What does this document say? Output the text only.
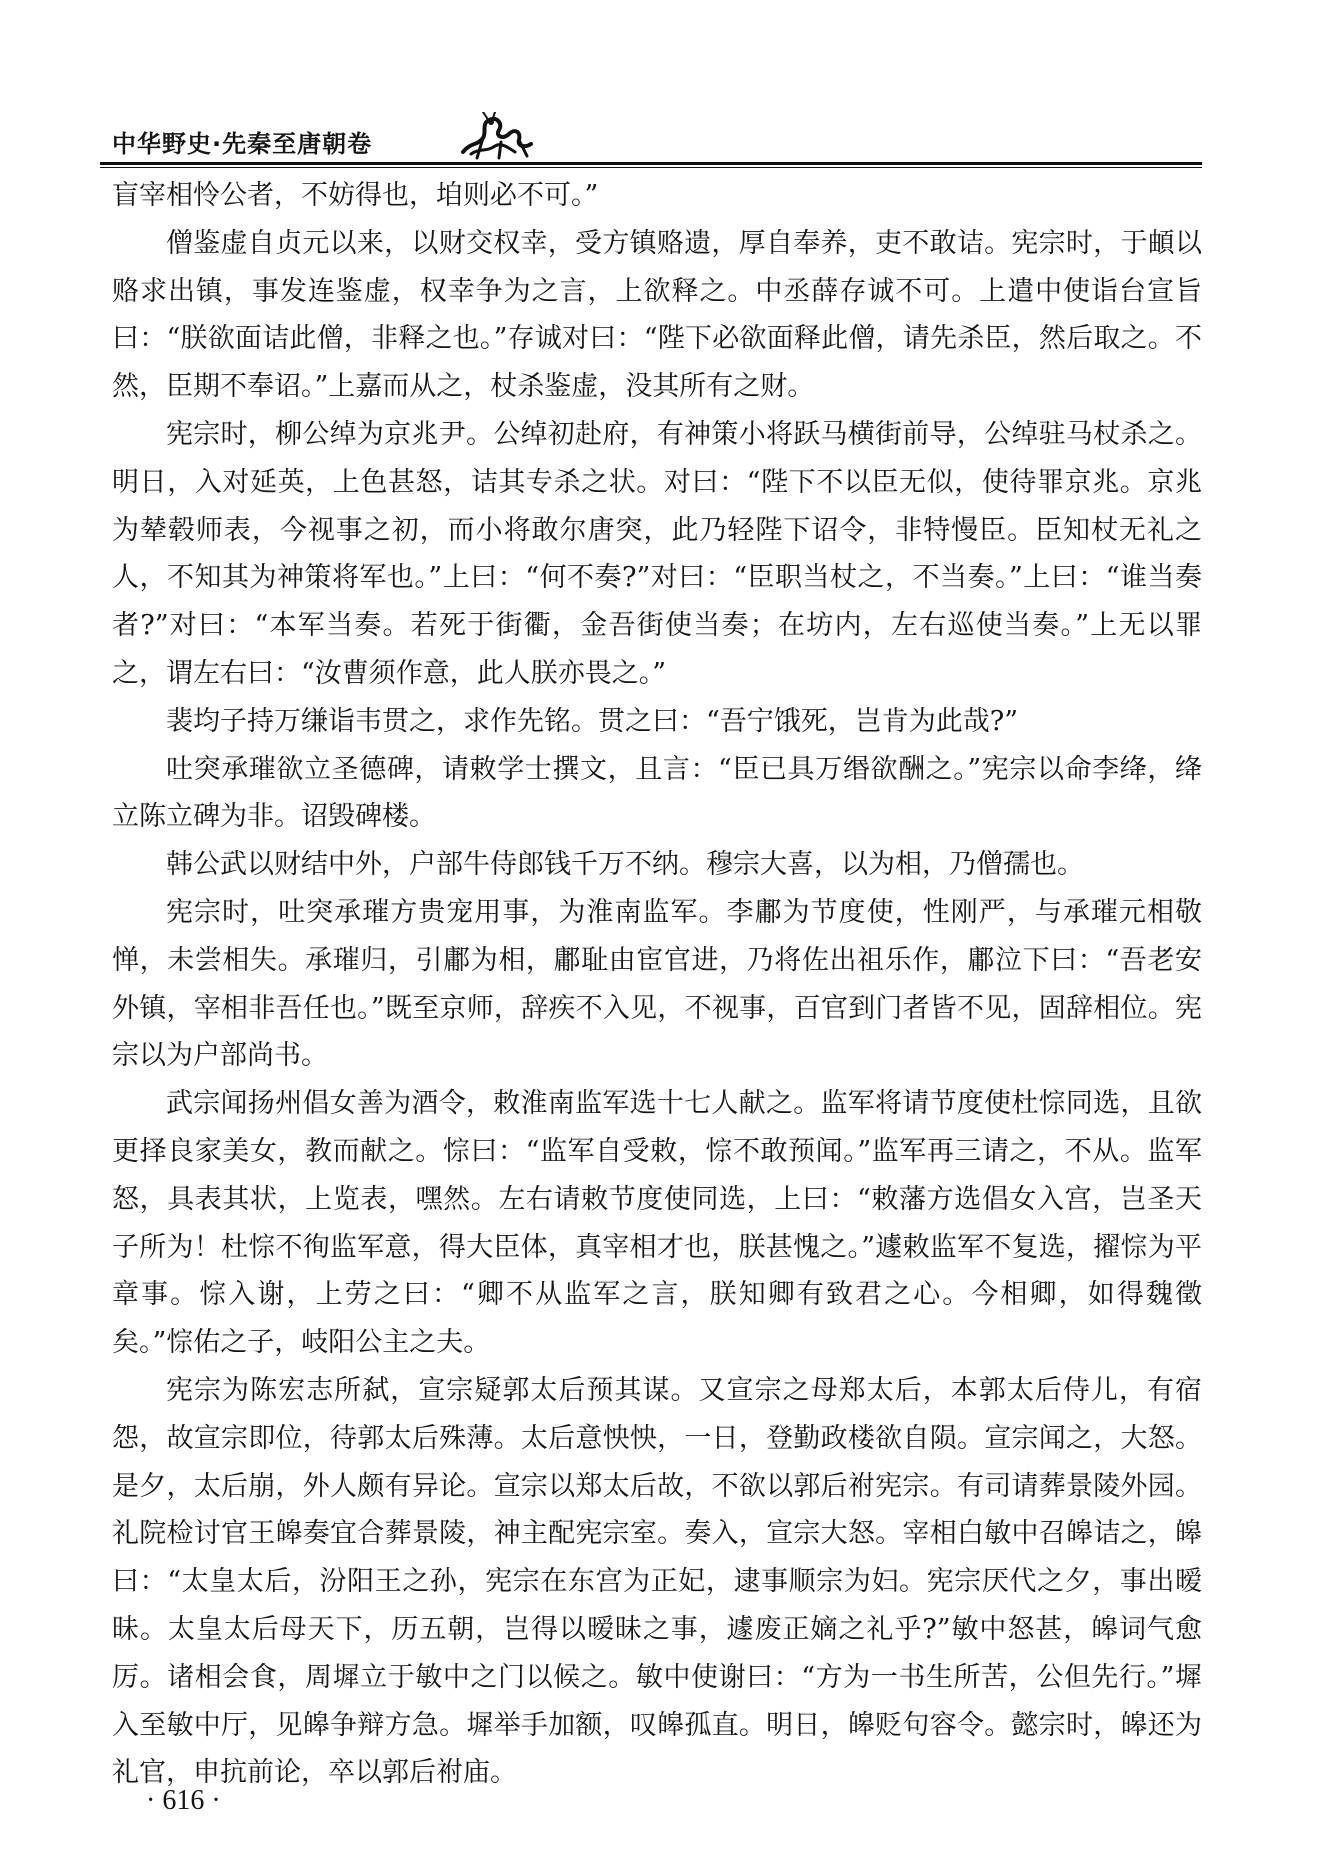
中华野史·先秦至唐朝卷

盲宰相怜公者，不妨得也，垍则必不可。”

僧鉴虚自贞元以来，以财交权幸，受方镇赂遗，厚自奉养，吏不敢诘。宪宗时，于頔以赂求出镇，事发连鉴虚，权幸争为之言，上欲释之。中丞薛存诚不可。上遣中使诣台宣旨曰：“朕欲面诘此僧，非释之也。”存诚对曰：“陛下必欲面释此僧，请先杀臣，然后取之。不然，臣期不奉诏。”上嘉而从之，杖杀鉴虚，没其所有之财。

宪宗时，柳公绰为京兆尹。公绰初赴府，有神策小将跃马横街前导，公绰驻马杖杀之。明日，入对延英，上色甚怒，诘其专杀之状。对曰：“陛下不以臣无似，使待罪京兆。京兆为辇毂师表，今视事之初，而小将敢尔唐突，此乃轻陛下诏令，非特慢臣。臣知杖无礼之人，不知其为神策将军也。”上曰：“何不奏?”对曰：“臣职当杖之，不当奏。”上曰：“谁当奏者?”对曰：“本军当奏。若死于街衢，金吾街使当奏；在坊内，左右巡使当奏。”上无以罪之，谓左右曰：“汝曹须作意，此人朕亦畏之。”

裴均子持万缣诣韦贯之，求作先铭。贯之曰：“吾宁饿死，岂肯为此哉?”

吐突承璀欲立圣德碑，请敕学士撰文，且言：“臣已具万缗欲酬之。”宪宗以命李绛，绛立陈立碑为非。诏毁碑楼。

韩公武以财结中外，户部牛侍郎钱千万不纳。穆宗大喜，以为相，乃僧孺也。

宪宗时，吐突承璀方贵宠用事，为淮南监军。李鄘为节度使，性刚严，与承璀元相敬惮，未尝相失。承璀归，引鄘为相，鄘耻由宦官进，乃将佐出祖乐作，鄘泣下曰：“吾老安外镇，宰相非吾任也。”既至京师，辞疾不入见，不视事，百官到门者皆不见，固辞相位。宪宗以为户部尚书。

武宗闻扬州倡女善为酒令，敕淮南监军选十七人献之。监军将请节度使杜悰同选，且欲更择良家美女，教而献之。悰曰：“监军自受敕，悰不敢预闻。”监军再三请之，不从。监军怒，具表其状，上览表，嘿然。左右请敕节度使同选，上曰：“敕藩方选倡女入宫，岂圣天子所为！杜悰不徇监军意，得大臣体，真宰相才也，朕甚愧之。”遽敕监军不复选，擢悰为平章事。悰入谢，上劳之曰：“卿不从监军之言，朕知卿有致君之心。今相卿，如得魏徵矣。”悰佑之子，岐阳公主之夫。

宪宗为陈宏志所弑，宣宗疑郭太后预其谋。又宣宗之母郑太后，本郭太后侍儿，有宿怨，故宣宗即位，待郭太后殊薄。太后意怏怏，一日，登勤政楼欲自陨。宣宗闻之，大怒。是夕，太后崩，外人颇有异论。宣宗以郑太后故，不欲以郭后祔宪宗。有司请葬景陵外园。礼院检讨官王皞奏宜合葬景陵，神主配宪宗室。奏入，宣宗大怒。宰相白敏中召皞诘之，皞曰：“太皇太后，汾阳王之孙，宪宗在东宫为正妃，逮事顺宗为妇。宪宗厌代之夕，事出暧昧。太皇太后母天下，历五朝，岂得以暧昧之事，遽废正嫡之礼乎?”敏中怒甚，皞词气愈厉。诸相会食，周墀立于敏中之门以候之。敏中使谢曰：“方为一书生所苦，公但先行。”墀入至敏中厅，见皞争辩方急。墀举手加额，叹皞孤直。明日，皞贬句容令。懿宗时，皞还为礼官，申抗前论，卒以郭后祔庙。

· 616 ·
